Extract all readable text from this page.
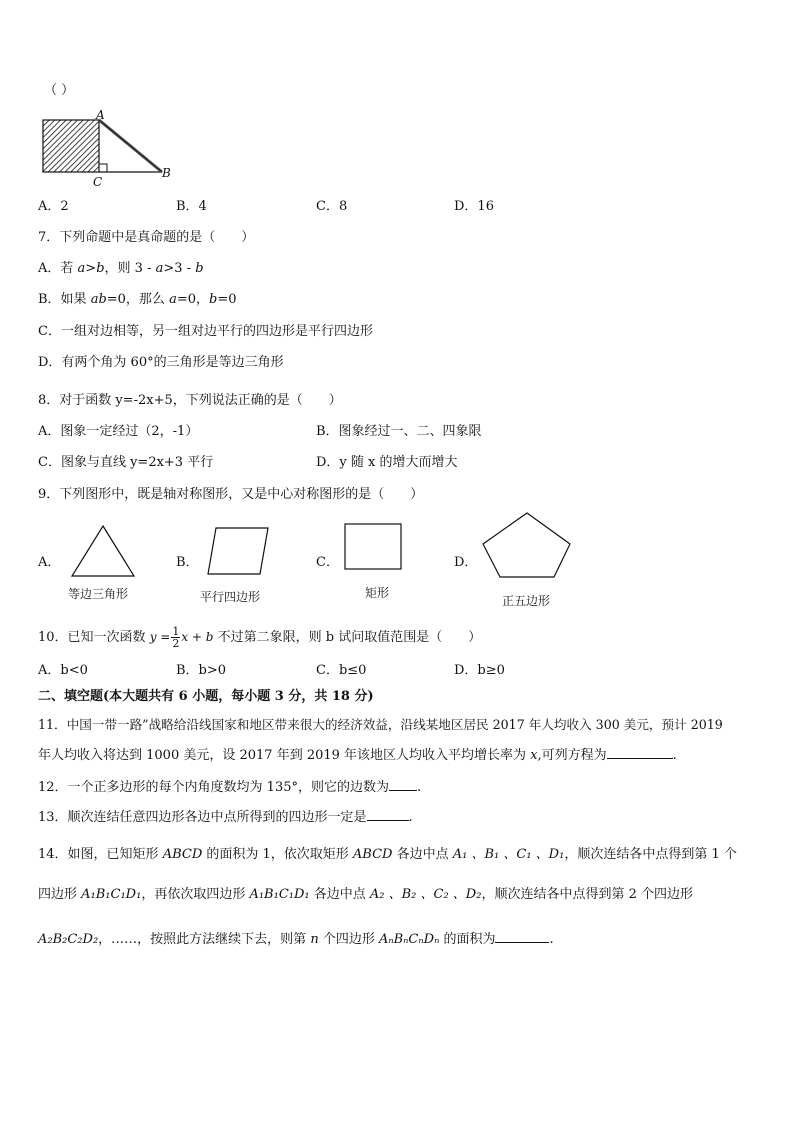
（ ）
A
C
B
A．2	B．4	C．8	D．16
7．下列命题中是真命题的是（　　）
A．若 a>b，则 3 - a>3 - b
B．如果 ab=0，那么 a=0，b=0
C．一组对边相等，另一组对边平行的四边形是平行四边形
D．有两个角为 60°的三角形是等边三角形
8．对于函数 y=-2x+5，下列说法正确的是（　　）
A．图象一定经过（2，-1）	B．图象经过一、二、四象限
C．图象与直线 y=2x+3 平行	D．y 随 x 的增大而增大
9．下列图形中，既是轴对称图形，又是中心对称图形的是（　　）
A．
等边三角形
B．
平行四边形
C．
矩形
D．
正五边形
10．已知一次函数 $y = \frac{1}{2}$ x + b 不过第二象限，则 b 试问取值范围是（　　）
A．b<0	B．b>0	C．b≤0	D．b≥0
二、填空题(本大题共有 6 小题，每小题 3 分，共 18 分)
11．中国一带一路”战略给沿线国家和地区带来很大的经济效益，沿线某地区居民 2017 年人均收入 300 美元，预计 2019
年人均收入将达到 1000 美元，设 2017 年到 2019 年该地区人均收入平均增长率为 x,可列方程为	.
12．一个正多边形的每个内角度数均为 135°，则它的边数为 .
13．顺次连结任意四边形各边中点所得到的四边形一定是	.
14．如图，已知矩形 ABCD 的面积为 1，依次取矩形 ABCD 各边中点 A₁ 、B₁ 、C₁ 、D₁，顺次连结各中点得到第 1 个
四边形 A₁B₁C₁D₁，再依次取四边形 A₁B₁C₁D₁ 各边中点 A₂ 、B₂ 、C₂ 、D₂，顺次连结各中点得到第 2 个四边形
A₂B₂C₂D₂，……，按照此方法继续下去，则第 n 个四边形 AₙBₙCₙDₙ 的面积为	.
